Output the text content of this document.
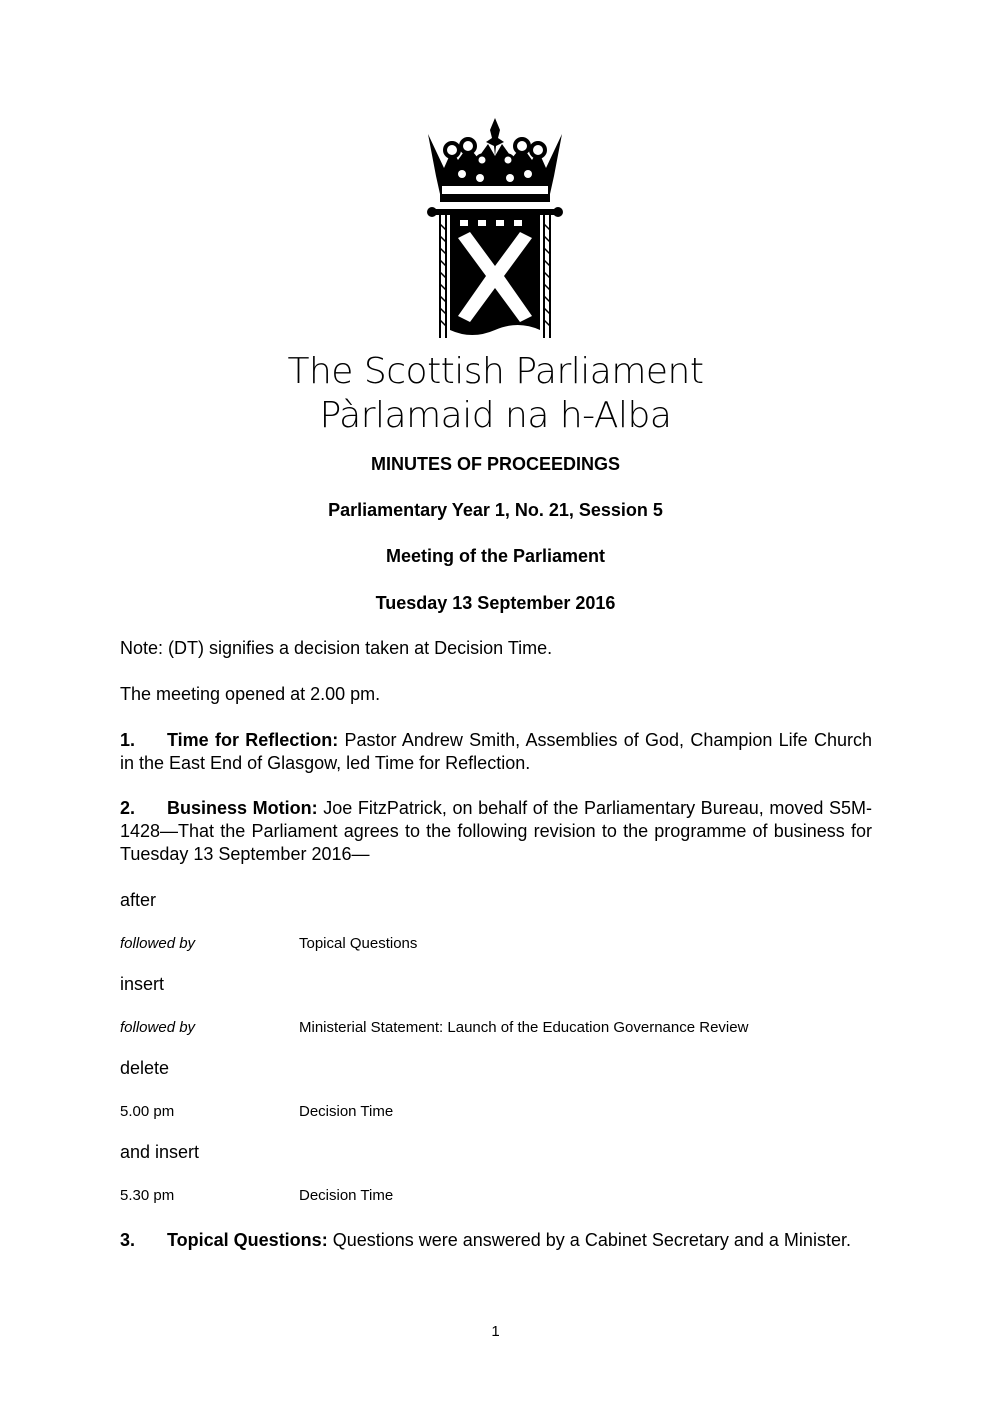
The Scottish Parliament
Pàrlamaid na h-Alba
MINUTES OF PROCEEDINGS
Parliamentary Year 1, No. 21, Session 5
Meeting of the Parliament
Tuesday 13 September 2016
Note: (DT) signifies a decision taken at Decision Time.
The meeting opened at 2.00 pm.
1. Time for Reflection: Pastor Andrew Smith, Assemblies of God, Champion Life Church in the East End of Glasgow, led Time for Reflection.
2. Business Motion: Joe FitzPatrick, on behalf of the Parliamentary Bureau, moved S5M-1428—That the Parliament agrees to the following revision to the programme of business for Tuesday 13 September 2016—
after
followed by	Topical Questions
insert
followed by	Ministerial Statement: Launch of the Education Governance Review
delete
5.00 pm	Decision Time
and insert
5.30 pm	Decision Time
3. Topical Questions: Questions were answered by a Cabinet Secretary and a Minister.
1
